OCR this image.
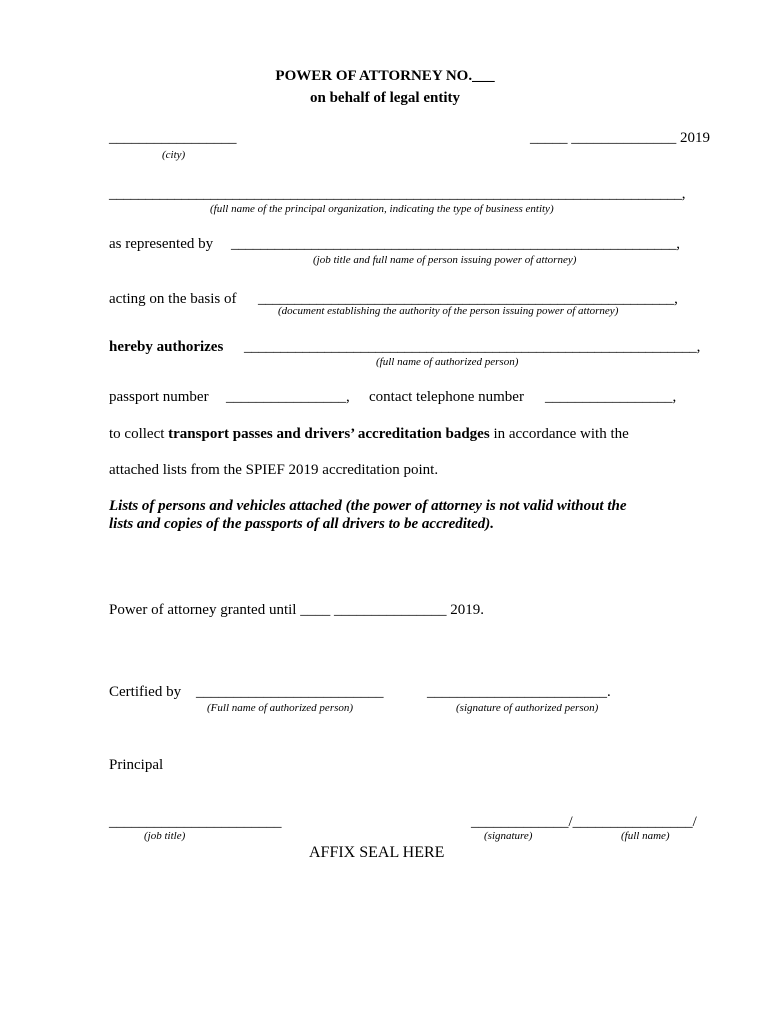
POWER OF ATTORNEY NO.___
on behalf of legal entity
_________________
(city)
_____ ______________ 2019
_______________________________________________________________________________,
(full name of the principal organization, indicating the type of business entity)
as represented by _____________________________________________________________,
(job title and full name of person issuing power of attorney)
acting on the basis of _________________________________________________________,
(document establishing the authority of the person issuing power of attorney)
hereby authorizes ______________________________________________________________,
(full name of authorized person)
passport number ________________, contact telephone number _________________,
to collect transport passes and drivers’ accreditation badges in accordance with the
attached lists from the SPIEF 2019 accreditation point.
Lists of persons and vehicles attached (the power of attorney is not valid without the
lists and copies of the passports of all drivers to be accredited).
Power of attorney granted until ____ _______________ 2019.
Certified by _________________________	________________________.
(Full name of authorized person)	(signature of authorized person)
Principal
_______________________	_____________/________________/
(job title)	(signature)	(full name)
AFFIX SEAL HERE
